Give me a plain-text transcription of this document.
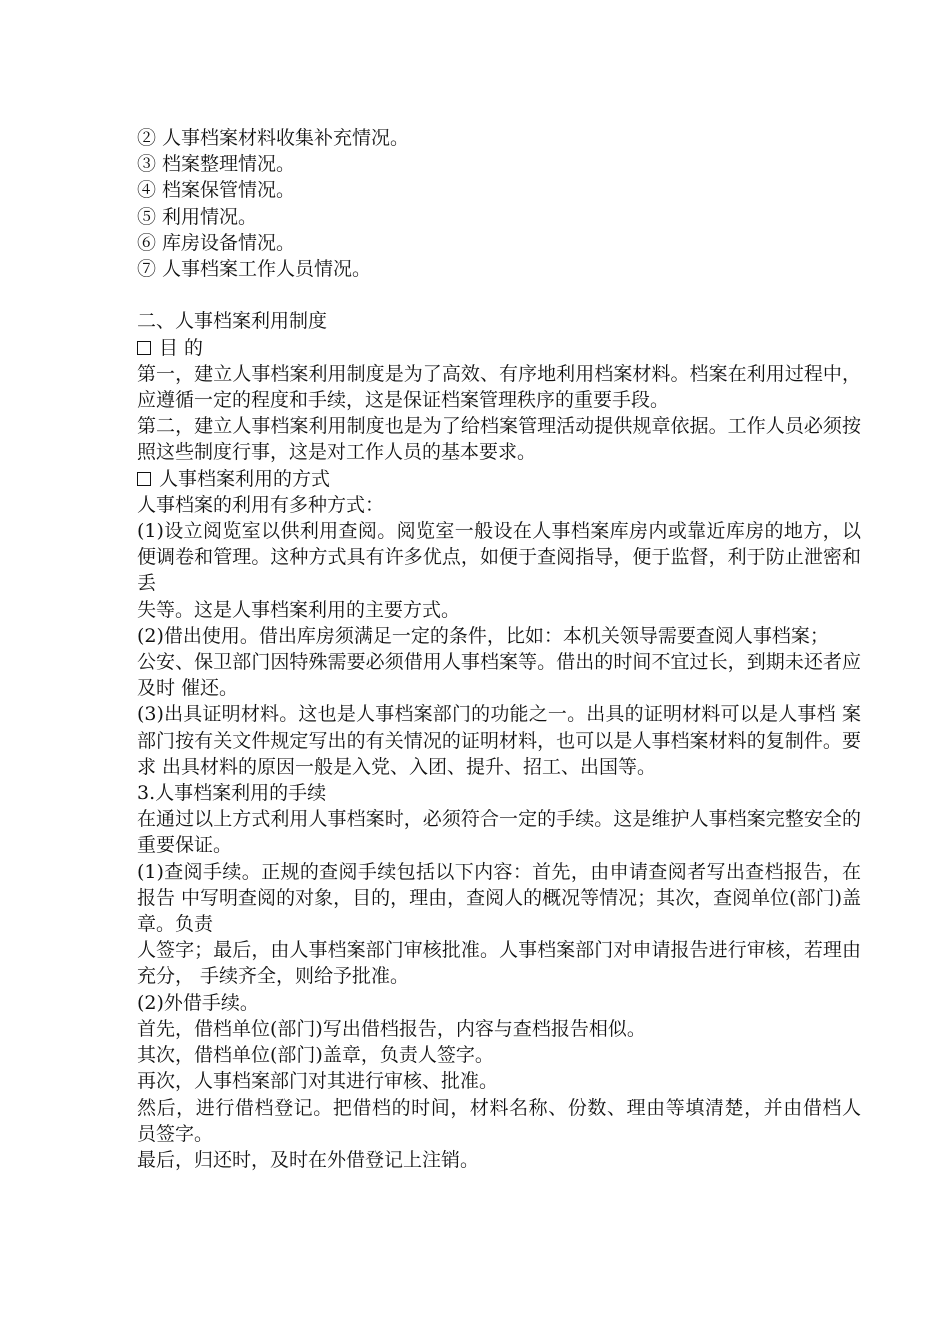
② 人事档案材料收集补充情况。
③ 档案整理情况。
④ 档案保管情况。
⑤ 利用情况。
⑥ 库房设备情况。
⑦ 人事档案工作人员情况。
二、人事档案利用制度
目 的
第一，建立人事档案利用制度是为了高效、有序地利用档案材料。档案在利用过程中，应遵循一定的程度和手续，这是保证档案管理秩序的重要手段。
第二，建立人事档案利用制度也是为了给档案管理活动提供规章依据。工作人员必须按 照这些制度行事，这是对工作人员的基本要求。
人事档案利用的方式
人事档案的利用有多种方式：
(1)设立阅览室以供利用查阅。阅览室一般设在人事档案库房内或靠近库房的地方，以便调卷和管理。这种方式具有许多优点，如便于查阅指导，便于监督，利于防止泄密和丢
失等。这是人事档案利用的主要方式。
(2)借出使用。借出库房须满足一定的条件，比如：本机关领导需要查阅人事档案；
公安、保卫部门因特殊需要必须借用人事档案等。借出的时间不宜过长，到期未还者应及时 催还。
(3)出具证明材料。这也是人事档案部门的功能之一。出具的证明材料可以是人事档 案部门按有关文件规定写出的有关情况的证明材料，也可以是人事档案材料的复制件。要求 出具材料的原因一般是入党、入团、提升、招工、出国等。
3.人事档案利用的手续
在通过以上方式利用人事档案时，必须符合一定的手续。这是维护人事档案完整安全的 重要保证。
(1)查阅手续。正规的查阅手续包括以下内容：首先，由申请查阅者写出查档报告，在 报告 中写明查阅的对象，目的，理由，查阅人的概况等情况；其次，查阅单位(部门)盖章。负责
人签字；最后，由人事档案部门审核批准。人事档案部门对申请报告进行审核，若理由充分， 手续齐全，则给予批准。
(2)外借手续。
首先，借档单位(部门)写出借档报告，内容与查档报告相似。
其次，借档单位(部门)盖章，负责人签字。
再次，人事档案部门对其进行审核、批准。
然后，进行借档登记。把借档的时间，材料名称、份数、理由等填清楚，并由借档人 员签字。
最后，归还时，及时在外借登记上注销。
